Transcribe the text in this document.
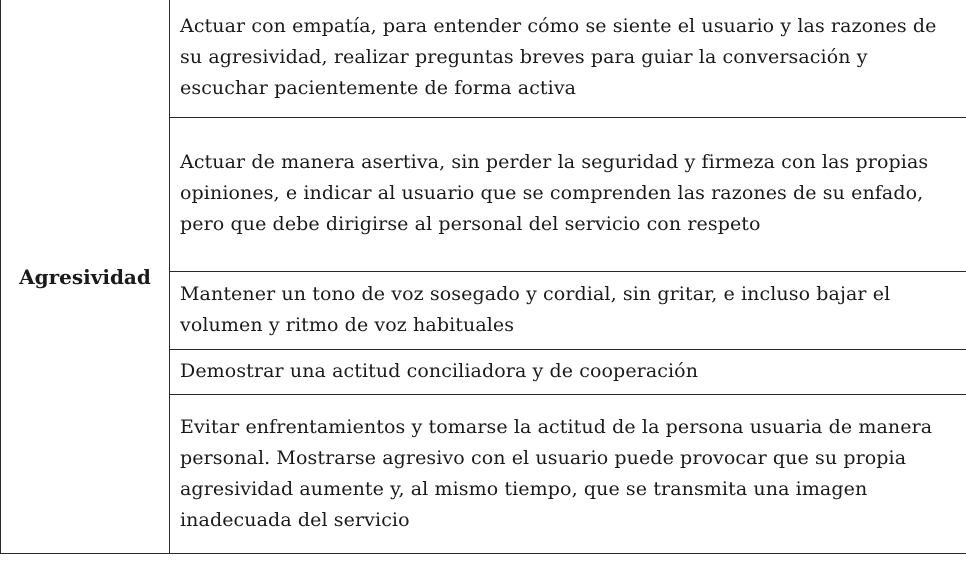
Agresividad	Actuar con empatía, para entender cómo se siente el usuario y las razones de su agresividad, realizar preguntas breves para guiar la conversación y escuchar pacientemente de forma activa
Actuar de manera asertiva, sin perder la seguridad y firmeza con las propias opiniones, e indicar al usuario que se comprenden las razones de su enfado, pero que debe dirigirse al personal del servicio con respeto
Mantener un tono de voz sosegado y cordial, sin gritar, e incluso bajar el volumen y ritmo de voz habituales
Demostrar una actitud conciliadora y de cooperación
Evitar enfrentamientos y tomarse la actitud de la persona usuaria de manera personal. Mostrarse agresivo con el usuario puede provocar que su propia agresividad aumente y, al mismo tiempo, que se transmita una imagen inadecuada del servicio
